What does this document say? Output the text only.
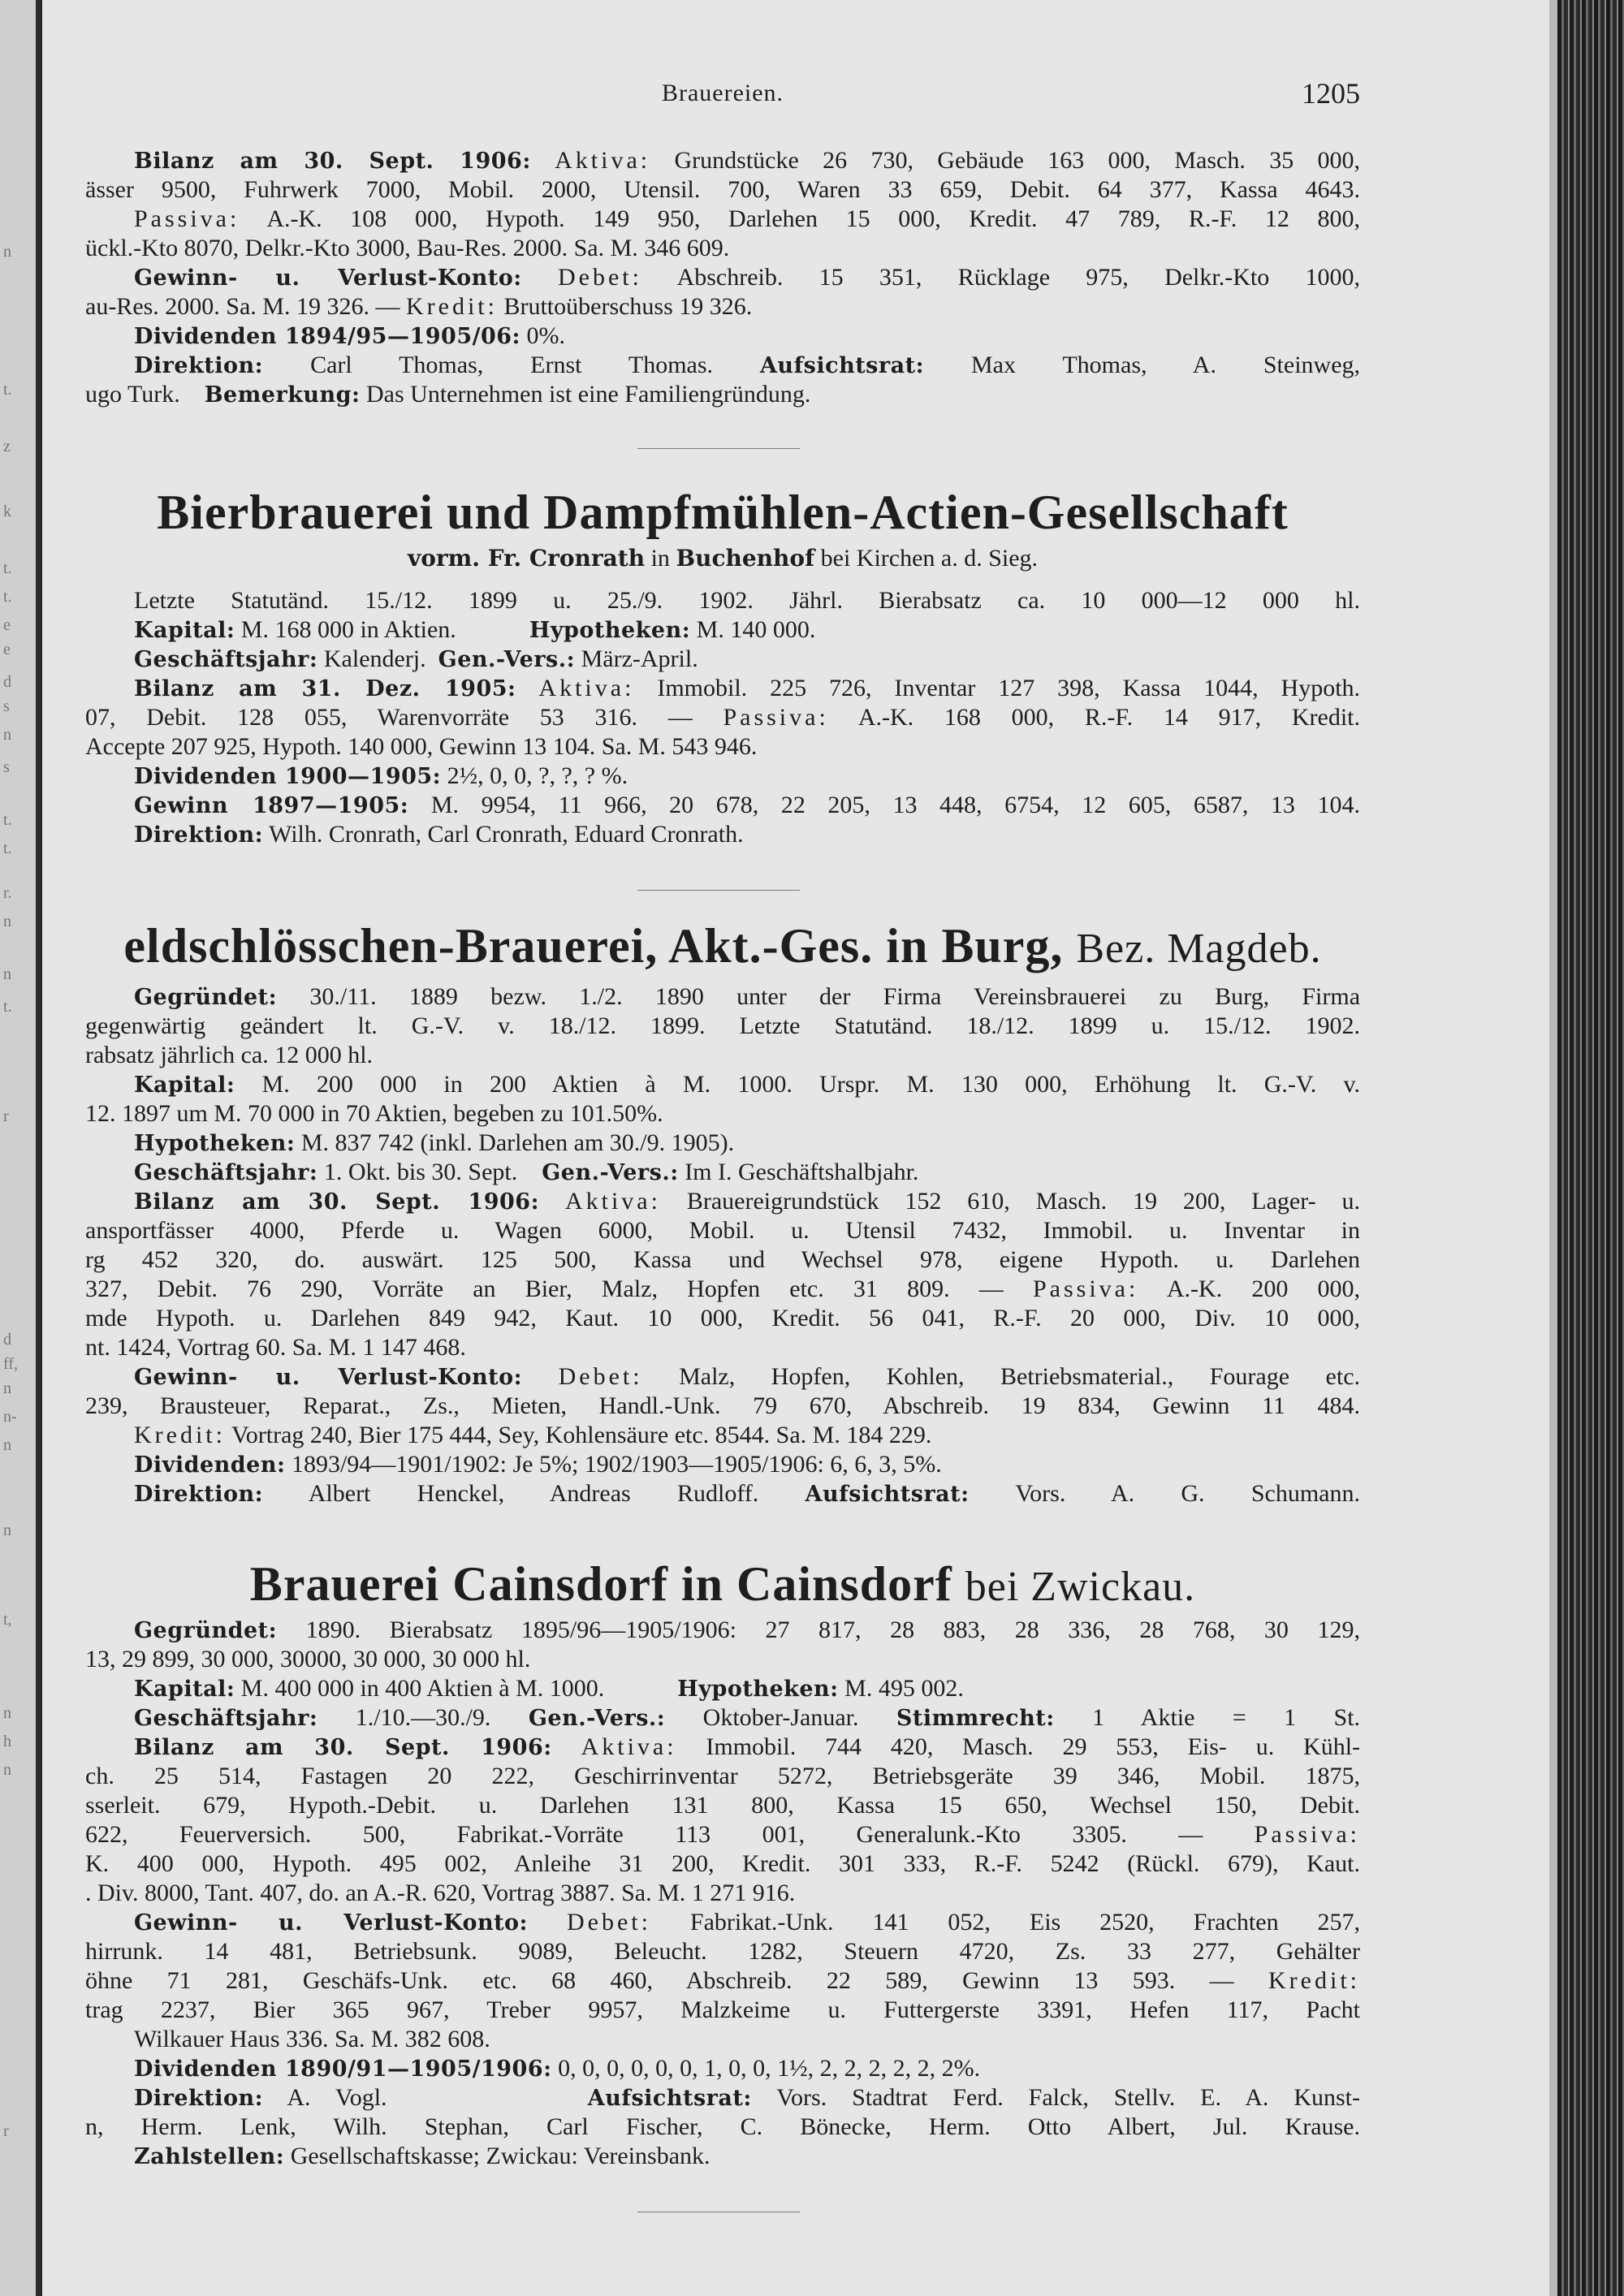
n
t.
z
k
t.
t.
e
e
d
s
n
s
t.
t.
r.
n
n
t.
r
d
ff,
n
n-
n
n
t,
n
h
n
r
Brauereien.	1205
Bilanz am 30. Sept. 1906: Aktiva: Grundstücke 26 730, Gebäude 163 000, Masch. 35 000,
ässer 9500, Fuhrwerk 7000, Mobil. 2000, Utensil. 700, Waren 33 659, Debit. 64 377, Kassa 4643.
Passiva: A.-K. 108 000, Hypoth. 149 950, Darlehen 15 000, Kredit. 47 789, R.-F. 12 800,
ückl.-Kto 8070, Delkr.-Kto 3000, Bau-Res. 2000. Sa. M. 346 609.
Gewinn- u. Verlust-Konto: Debet: Abschreib. 15 351, Rücklage 975, Delkr.-Kto 1000,
au-Res. 2000. Sa. M. 19 326. — Kredit: Bruttoüberschuss 19 326.
Dividenden 1894/95—1905/06: 0%.
Direktion: Carl Thomas, Ernst Thomas. Aufsichtsrat: Max Thomas, A. Steinweg,
ugo Turk. Bemerkung: Das Unternehmen ist eine Familiengründung.
Bierbrauerei und Dampfmühlen-Actien-Gesellschaft
vorm. Fr. Cronrath in Buchenhof bei Kirchen a. d. Sieg.
Letzte Statutänd. 15./12. 1899 u. 25./9. 1902. Jährl. Bierabsatz ca. 10 000—12 000 hl.
Kapital: M. 168 000 in Aktien.	Hypotheken: M. 140 000.
Geschäftsjahr: Kalenderj. Gen.-Vers.: März-April.
Bilanz am 31. Dez. 1905: Aktiva: Immobil. 225 726, Inventar 127 398, Kassa 1044, Hypoth.
07, Debit. 128 055, Warenvorräte 53 316. — Passiva: A.-K. 168 000, R.-F. 14 917, Kredit.
Accepte 207 925, Hypoth. 140 000, Gewinn 13 104. Sa. M. 543 946.
Dividenden 1900—1905: 2½, 0, 0, ?, ?, ? %.
Gewinn 1897—1905: M. 9954, 11 966, 20 678, 22 205, 13 448, 6754, 12 605, 6587, 13 104.
Direktion: Wilh. Cronrath, Carl Cronrath, Eduard Cronrath.
eldschlösschen-Brauerei, Akt.-Ges. in Burg, Bez. Magdeb.
Gegründet: 30./11. 1889 bezw. 1./2. 1890 unter der Firma Vereinsbrauerei zu Burg, Firma
gegenwärtig geändert lt. G.-V. v. 18./12. 1899. Letzte Statutänd. 18./12. 1899 u. 15./12. 1902.
rabsatz jährlich ca. 12 000 hl.
Kapital: M. 200 000 in 200 Aktien à M. 1000. Urspr. M. 130 000, Erhöhung lt. G.-V. v.
12. 1897 um M. 70 000 in 70 Aktien, begeben zu 101.50%.
Hypotheken: M. 837 742 (inkl. Darlehen am 30./9. 1905).
Geschäftsjahr: 1. Okt. bis 30. Sept. Gen.-Vers.: Im I. Geschäftshalbjahr.
Bilanz am 30. Sept. 1906: Aktiva: Brauereigrundstück 152 610, Masch. 19 200, Lager- u.
ansportfässer 4000, Pferde u. Wagen 6000, Mobil. u. Utensil 7432, Immobil. u. Inventar in
rg 452 320, do. auswärt. 125 500, Kassa und Wechsel 978, eigene Hypoth. u. Darlehen
327, Debit. 76 290, Vorräte an Bier, Malz, Hopfen etc. 31 809. — Passiva: A.-K. 200 000,
mde Hypoth. u. Darlehen 849 942, Kaut. 10 000, Kredit. 56 041, R.-F. 20 000, Div. 10 000,
nt. 1424, Vortrag 60. Sa. M. 1 147 468.
Gewinn- u. Verlust-Konto: Debet: Malz, Hopfen, Kohlen, Betriebsmaterial., Fourage etc.
239, Brausteuer, Reparat., Zs., Mieten, Handl.-Unk. 79 670, Abschreib. 19 834, Gewinn 11 484.
Kredit: Vortrag 240, Bier 175 444, Sey, Kohlensäure etc. 8544. Sa. M. 184 229.
Dividenden: 1893/94—1901/1902: Je 5%; 1902/1903—1905/1906: 6, 6, 3, 5%.
Direktion: Albert Henckel, Andreas Rudloff. Aufsichtsrat: Vors. A. G. Schumann.
Brauerei Cainsdorf in Cainsdorf bei Zwickau.
Gegründet: 1890. Bierabsatz 1895/96—1905/1906: 27 817, 28 883, 28 336, 28 768, 30 129,
13, 29 899, 30 000, 30000, 30 000, 30 000 hl.
Kapital: M. 400 000 in 400 Aktien à M. 1000.	Hypotheken: M. 495 002.
Geschäftsjahr: 1./10.—30./9. Gen.-Vers.: Oktober-Januar. Stimmrecht: 1 Aktie = 1 St.
Bilanz am 30. Sept. 1906: Aktiva: Immobil. 744 420, Masch. 29 553, Eis- u. Kühl-
ch. 25 514, Fastagen 20 222, Geschirrinventar 5272, Betriebsgeräte 39 346, Mobil. 1875,
sserleit. 679, Hypoth.-Debit. u. Darlehen 131 800, Kassa 15 650, Wechsel 150, Debit.
622, Feuerversich. 500, Fabrikat.-Vorräte 113 001, Generalunk.-Kto 3305. — Passiva:
K. 400 000, Hypoth. 495 002, Anleihe 31 200, Kredit. 301 333, R.-F. 5242 (Rückl. 679), Kaut.
. Div. 8000, Tant. 407, do. an A.-R. 620, Vortrag 3887. Sa. M. 1 271 916.
Gewinn- u. Verlust-Konto: Debet: Fabrikat.-Unk. 141 052, Eis 2520, Frachten 257,
hirrunk. 14 481, Betriebsunk. 9089, Beleucht. 1282, Steuern 4720, Zs. 33 277, Gehälter
öhne 71 281, Geschäfs-Unk. etc. 68 460, Abschreib. 22 589, Gewinn 13 593. — Kredit:
trag 2237, Bier 365 967, Treber 9957, Malzkeime u. Futtergerste 3391, Hefen 117, Pacht
Wilkauer Haus 336. Sa. M. 382 608.
Dividenden 1890/91—1905/1906: 0, 0, 0, 0, 0, 0, 1, 0, 0, 1½, 2, 2, 2, 2, 2, 2%.
Direktion: A. Vogl.	Aufsichtsrat: Vors. Stadtrat Ferd. Falck, Stellv. E. A. Kunst-
n, Herm. Lenk, Wilh. Stephan, Carl Fischer, C. Bönecke, Herm. Otto Albert, Jul. Krause.
Zahlstellen: Gesellschaftskasse; Zwickau: Vereinsbank.
